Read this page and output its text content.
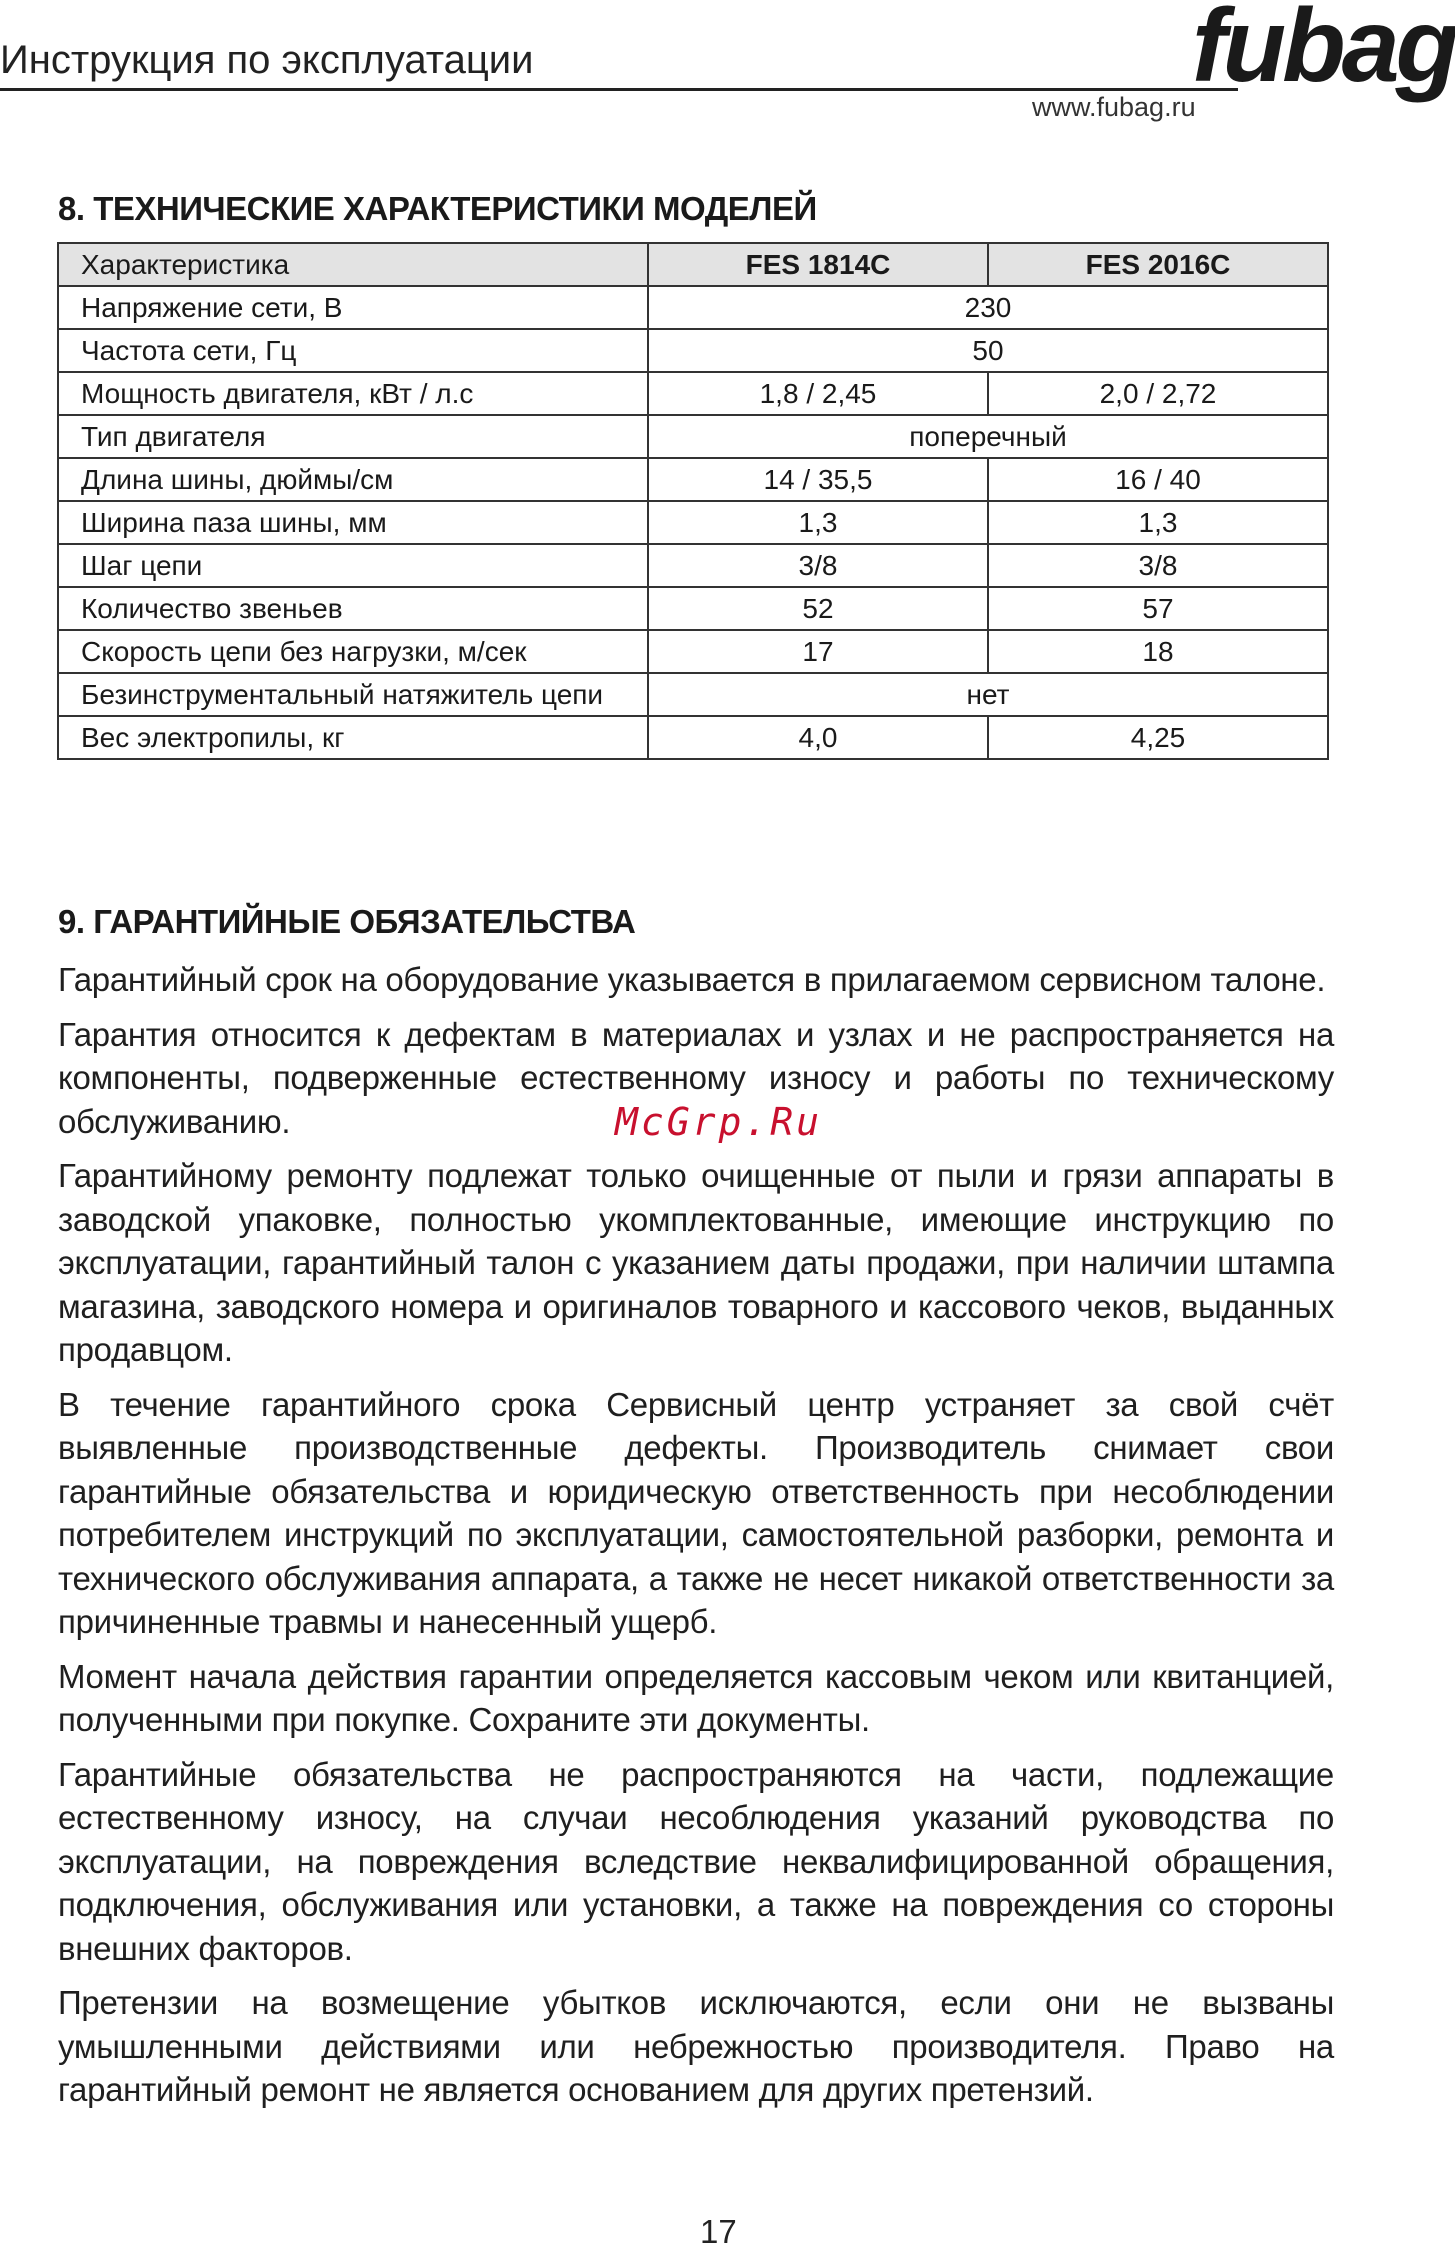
Инструкция по эксплуатации	fubag
www.fubag.ru
8. ТЕХНИЧЕСКИЕ ХАРАКТЕРИСТИКИ МОДЕЛЕЙ
Характеристика	FES 1814C	FES 2016C
Напряжение сети, В	230	
Частота сети, Гц	50	
Мощность двигателя, кВт / л.с	1,8 / 2,45	2,0 / 2,72
Тип двигателя	поперечный	
Длина шины, дюймы/см	14 / 35,5	16 / 40
Ширина паза шины, мм	1,3	1,3
Шаг цепи	3/8	3/8
Количество звеньев	52	57
Скорость цепи без нагрузки, м/сек	17	18
Безинструментальный натяжитель цепи	нет	
Вес электропилы, кг	4,0	4,25
9. ГАРАНТИЙНЫЕ ОБЯЗАТЕЛЬСТВА

Гарантийный срок на оборудование указывается в прилагаемом сервисном талоне.

Гарантия относится к дефектам в материалах и узлах и не распространяется на компоненты, подверженные естественному износу и работы по техническому обслуживанию.

Гарантийному ремонту подлежат только очищенные от пыли и грязи аппараты в заводской упаковке, полностью укомплектованные, имеющие инструкцию по эксплуатации, гарантийный талон с указанием даты продажи, при наличии штампа магазина, заводского номера и оригиналов товарного и кассового чеков, выданных продавцом.

В течение гарантийного срока Сервисный центр устраняет за свой счёт выявленные производственные дефекты. Производитель снимает свои гарантийные обязательства и юридическую ответственность при несоблюдении потребителем инструкций по эксплуатации, самостоятельной разборки, ремонта и технического обслуживания аппарата, а также не несет никакой ответственности за причиненные травмы и нанесенный ущерб.

Момент начала действия гарантии определяется кассовым чеком или квитанцией, полученными при покупке. Сохраните эти документы.

Гарантийные обязательства не распространяются на части, подлежащие естественному износу, на случаи несоблюдения указаний руководства по эксплуатации, на повреждения вследствие неквалифицированной обращения, подключения, обслуживания или установки, а также на повреждения со стороны внешних факторов.

Претензии на возмещение убытков исключаются, если они не вызваны умышленными действиями или небрежностью производителя. Право на гарантийный ремонт не является основанием для других претензий.

McGrp.Ru
17
